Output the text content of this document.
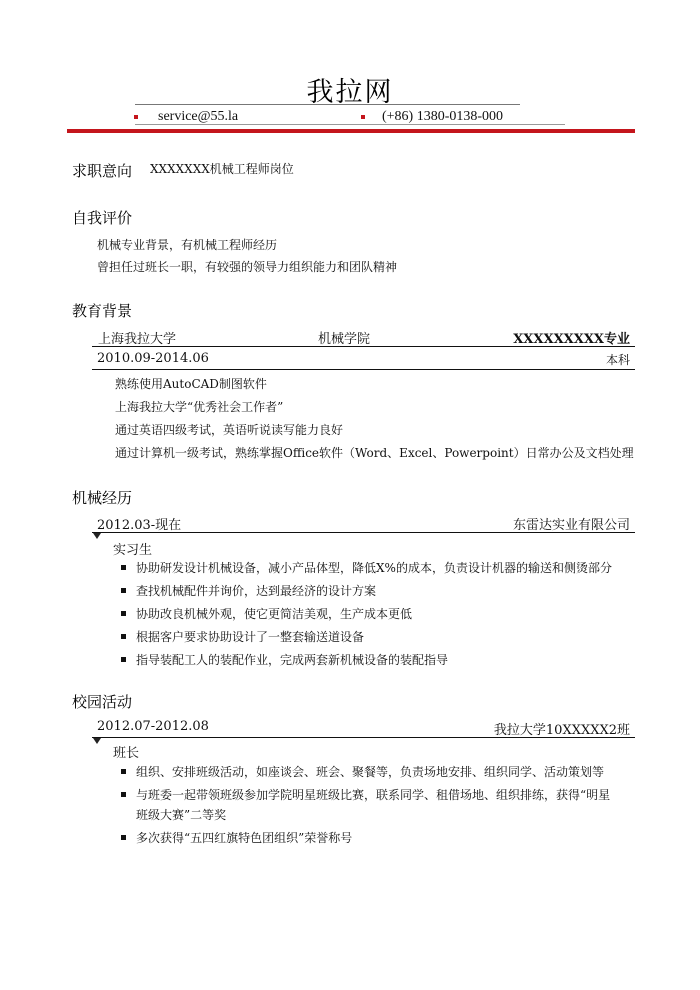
我拉网
service@55.la	(+86) 1380-0138-000
求职意向 XXXXXXX机械工程师岗位
自我评价
机械专业背景，有机械工程师经历
曾担任过班长一职，有较强的领导力组织能力和团队精神
教育背景
上海我拉大学	机械学院	XXXXXXXXX专业
2010.09-2014.06	本科
熟练使用AutoCAD制图软件
上海我拉大学“优秀社会工作者”
通过英语四级考试，英语听说读写能力良好
通过计算机一级考试，熟练掌握Office软件（Word、Excel、Powerpoint）日常办公及文档处理
机械经历
2012.03-现在	东雷达实业有限公司
实习生
协助研发设计机械设备，减小产品体型，降低X%的成本，负责设计机器的输送和侧烫部分
查找机械配件并询价，达到最经济的设计方案
协助改良机械外观，使它更简洁美观，生产成本更低
根据客户要求协助设计了一整套输送道设备
指导装配工人的装配作业，完成两套新机械设备的装配指导
校园活动
2012.07-2012.08	我拉大学10XXXXX2班
班长
组织、安排班级活动，如座谈会、班会、聚餐等，负责场地安排、组织同学、活动策划等
与班委一起带领班级参加学院明星班级比赛，联系同学、租借场地、组织排练，获得“明星
班级大赛”二等奖
多次获得“五四红旗特色团组织”荣誉称号
